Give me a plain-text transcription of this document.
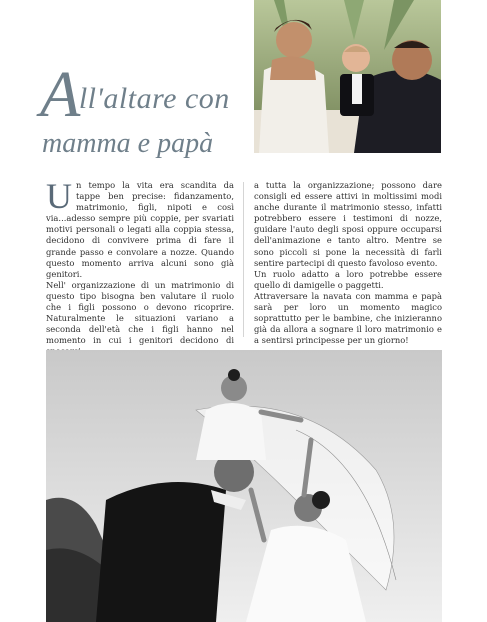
All'altare con
mamma e papà

Un tempo la vita era scandita da tappe ben precise: fidanzamento, matrimonio, figli, nipoti e così via...adesso sempre più coppie, per svariati motivi personali o legati alla coppia stessa, decidono di convivere prima di fare il grande passo e convolare a nozze. Quando questo momento arriva alcuni sono già genitori.

Nell' organizzazione di un matrimonio di questo tipo bisogna ben valutare il ruolo che i figli possono o devono ricoprire. Naturalmente le situazioni variano a seconda dell'età che i figli hanno nel momento in cui i genitori decidono di

a tutta la organizzazione; possono dare consigli ed essere attivi in moltissimi modi anche durante il matrimonio stesso, infatti potrebbero essere i testimoni di nozze, guidare l'auto degli sposi oppure occuparsi dell'animazione e tanto altro. Mentre se sono piccoli si pone la necessità di farli sentire partecipi di questo favoloso evento.

Un ruolo adatto a loro potrebbe essere quello di damigelle o paggetti.

Attraversare la navata con mamma e papà sarà per loro un momento magico soprattutto per le bambine, che inizieranno già da allora a sognare il loro matrimonio e a sentirsi principesse per un giorno!
